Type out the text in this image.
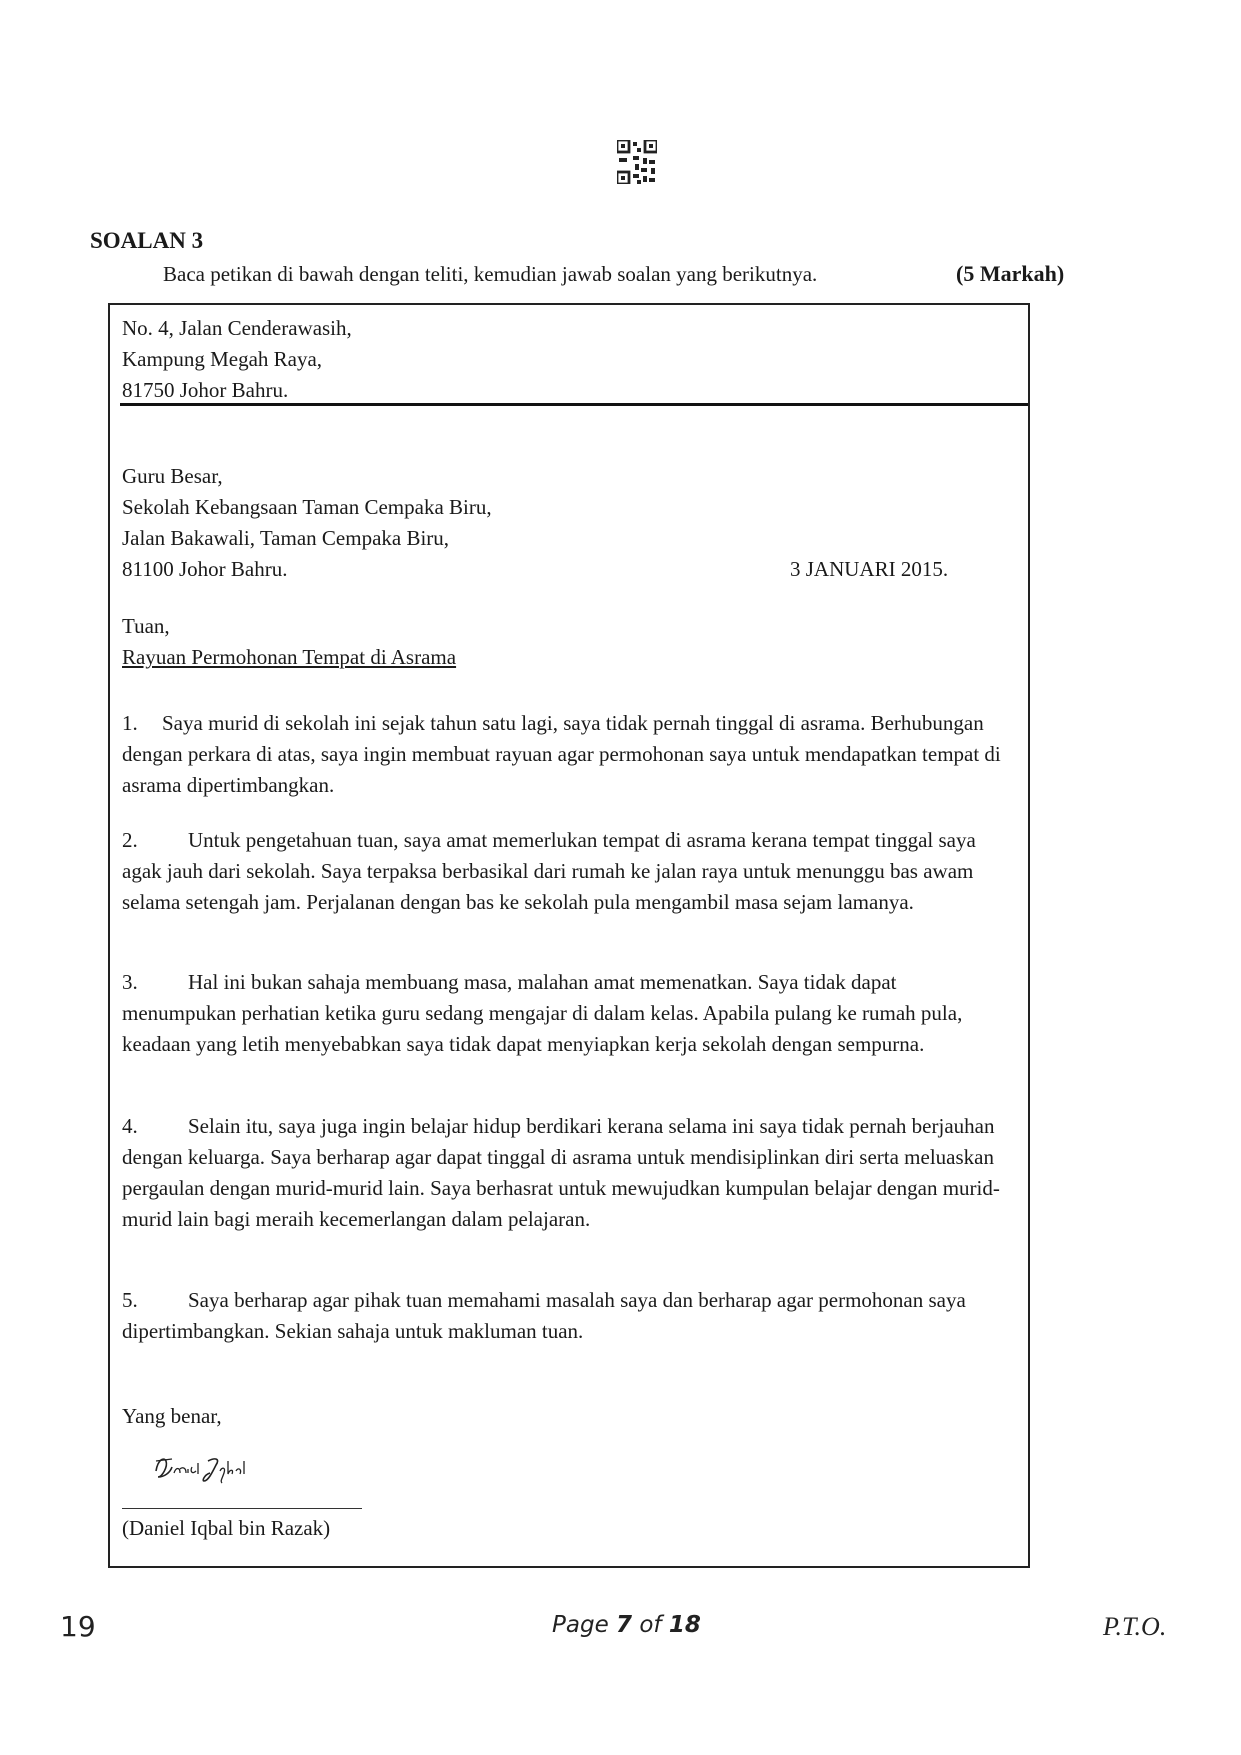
SOALAN 3
Baca petikan di bawah dengan teliti, kemudian jawab soalan yang berikutnya.	(5 Markah)
No. 4, Jalan Cenderawasih,
Kampung Megah Raya,
81750 Johor Bahru.
Guru Besar,
Sekolah Kebangsaan Taman Cempaka Biru,
Jalan Bakawali, Taman Cempaka Biru,
81100 Johor Bahru.	3 JANUARI 2015.
Tuan,
Rayuan Permohonan Tempat di Asrama

1. Saya murid di sekolah ini sejak tahun satu lagi, saya tidak pernah tinggal di asrama. Berhubungan dengan perkara di atas, saya ingin membuat rayuan agar permohonan saya untuk mendapatkan tempat di asrama dipertimbangkan.

2. Untuk pengetahuan tuan, saya amat memerlukan tempat di asrama kerana tempat tinggal saya agak jauh dari sekolah. Saya terpaksa berbasikal dari rumah ke jalan raya untuk menunggu bas awam selama setengah jam. Perjalanan dengan bas ke sekolah pula mengambil masa sejam lamanya.

3. Hal ini bukan sahaja membuang masa, malahan amat memenatkan. Saya tidak dapat menumpukan perhatian ketika guru sedang mengajar di dalam kelas. Apabila pulang ke rumah pula, keadaan yang letih menyebabkan saya tidak dapat menyiapkan kerja sekolah dengan sempurna.

4. Selain itu, saya juga ingin belajar hidup berdikari kerana selama ini saya tidak pernah berjauhan dengan keluarga. Saya berharap agar dapat tinggal di asrama untuk mendisiplinkan diri serta meluaskan pergaulan dengan murid-murid lain. Saya berhasrat untuk mewujudkan kumpulan belajar dengan murid-murid lain bagi meraih kecemerlangan dalam pelajaran.

5. Saya berharap agar pihak tuan memahami masalah saya dan berharap agar permohonan saya dipertimbangkan. Sekian sahaja untuk makluman tuan.

Yang benar,
(Daniel Iqbal bin Razak)
19	Page 7 of 18	P.T.O.
